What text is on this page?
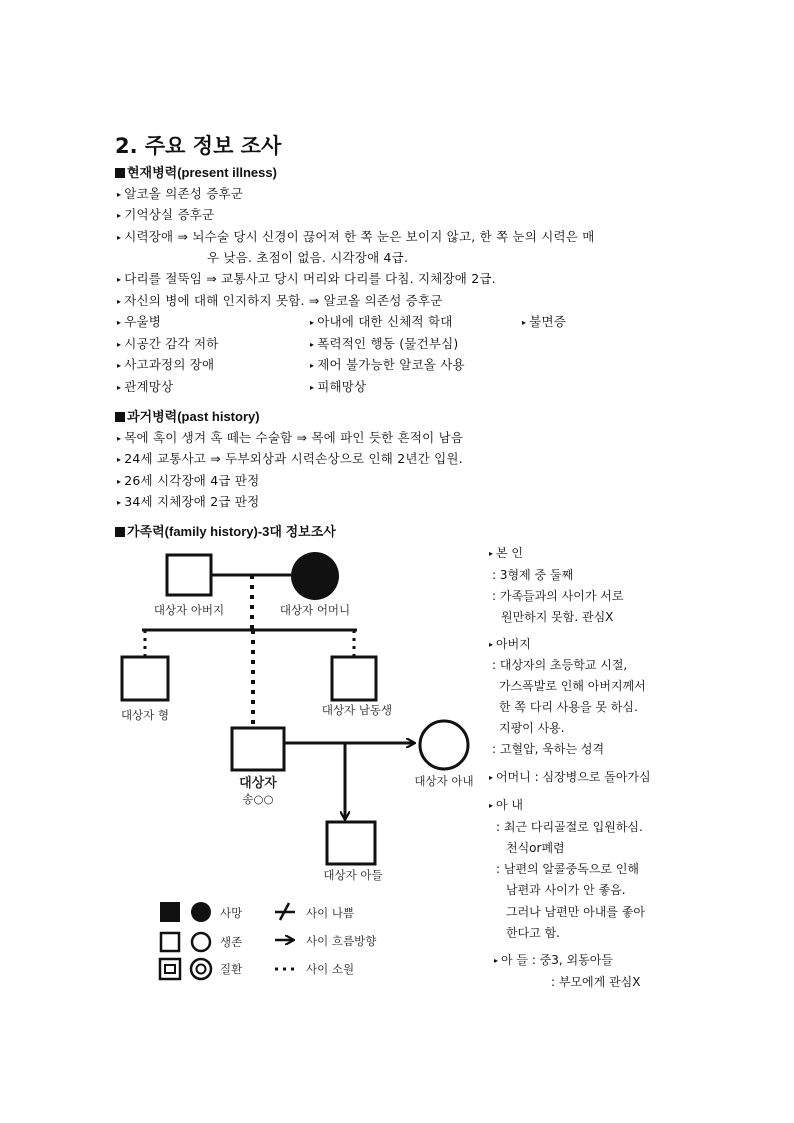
2. 주요 정보 조사
현재병력(present illness)
▸ 알코올 의존성 증후군
▸ 기억상실 증후군
▸ 시력장애 ⇒ 뇌수술 당시 신경이 끊어져 한 쪽 눈은 보이지 않고, 한 쪽 눈의 시력은 매
우 낮음. 초점이 없음. 시각장애 4급.
▸ 다리를 절뚝임 ⇒ 교통사고 당시 머리와 다리를 다침. 지체장애 2급.
▸ 자신의 병에 대해 인지하지 못함. ⇒ 알코올 의존성 증후군
▸ 우울병	▸ 아내에 대한 신체적 학대	▸ 불면증
▸ 시공간 감각 저하	▸ 폭력적인 행동 (물건부심)
▸ 사고과정의 장애	▸ 제어 불가능한 알코올 사용
▸ 관계망상	▸ 피해망상
과거병력(past history)
▸ 목에 혹이 생겨 혹 떼는 수술함 ⇒ 목에 파인 듯한 흔적이 남음
▸ 24세 교통사고 ⇒ 두부외상과 시력손상으로 인해 2년간 입원.
▸ 26세 시각장애 4급 판정
▸ 34세 지체장애 2급 판정
가족력(family history)-3대 정보조사
대상자 아버지	대상자 어머니
대상자 형	대상자 남동생
대상자
송○○
대상자 아내
대상자 아들
사망
생존
질환
사이 나쁨
사이 흐름방향
사이 소원
▸ 본 인
: 3형제 중 둘째
: 가족들과의 사이가 서로
원만하지 못함. 관심X
▸ 아버지
: 대상자의 초등학교 시절,
가스폭발로 인해 아버지께서
한 쪽 다리 사용을 못 하심.
지팡이 사용.
: 고혈압, 욱하는 성격
▸ 어머니 : 심장병으로 돌아가심
▸ 아 내
: 최근 다리골절로 입원하심.
천식or폐렴
: 남편의 알콜중독으로 인해
남편과 사이가 안 좋음.
그러나 남편만 아내를 좋아
한다고 함.
▸ 아 들 : 중3, 외동아들
: 부모에게 관심X
